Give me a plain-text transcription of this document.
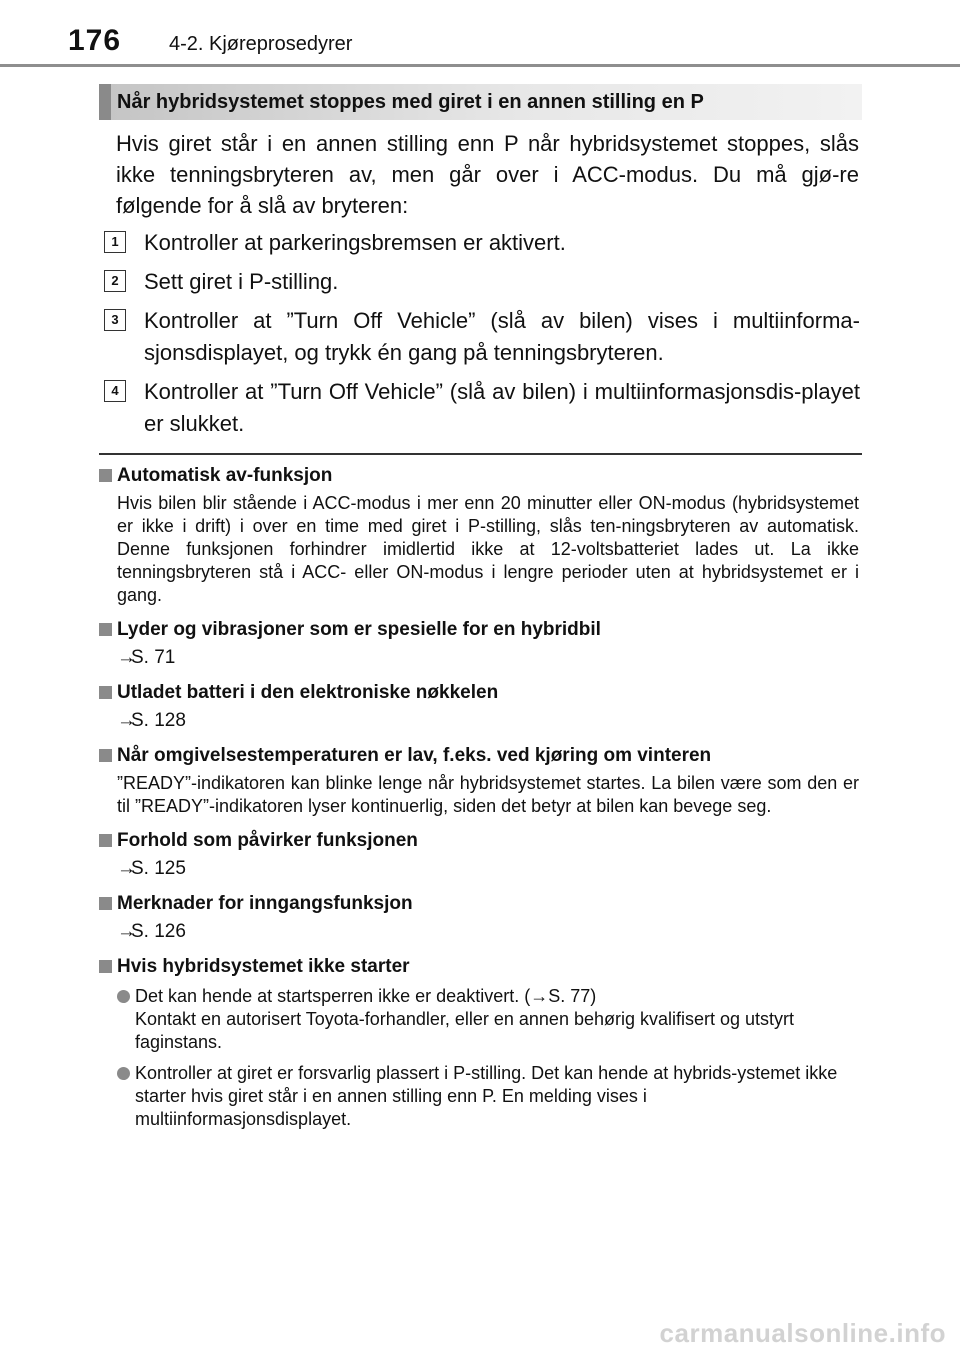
176 4-2. Kjøreprosedyrer
Når hybridsystemet stoppes med giret i en annen stilling en P
Hvis giret står i en annen stilling enn P når hybridsystemet stoppes, slås ikke tenningsbryteren av, men går over i ACC-modus. Du må gjø-re følgende for å slå av bryteren:
1	Kontroller at parkeringsbremsen er aktivert.
2	Sett giret i P-stilling.
3	Kontroller at ”Turn Off Vehicle” (slå av bilen) vises i multiinforma-sjonsdisplayet, og trykk én gang på tenningsbryteren.
4	Kontroller at ”Turn Off Vehicle” (slå av bilen) i multiinformasjonsdis-playet er slukket.
Automatisk av-funksjon
Hvis bilen blir stående i ACC-modus i mer enn 20 minutter eller ON-modus (hybridsystemet er ikke i drift) i over en time med giret i P-stilling, slås ten-ningsbryteren av automatisk. Denne funksjonen forhindrer imidlertid ikke at 12-voltsbatteriet lades ut. La ikke tenningsbryteren stå i ACC- eller ON-modus i lengre perioder uten at hybridsystemet er i gang.
Lyder og vibrasjoner som er spesielle for en hybridbil
→S. 71
Utladet batteri i den elektroniske nøkkelen
→S. 128
Når omgivelsestemperaturen er lav, f.eks. ved kjøring om vinteren
”READY”-indikatoren kan blinke lenge når hybridsystemet startes. La bilen være som den er til ”READY”-indikatoren lyser kontinuerlig, siden det betyr at bilen kan bevege seg.
Forhold som påvirker funksjonen
→S. 125
Merknader for inngangsfunksjon
→S. 126
Hvis hybridsystemet ikke starter
Det kan hende at startsperren ikke er deaktivert. (→S. 77)
Kontakt en autorisert Toyota-forhandler, eller en annen behørig kvalifisert og utstyrt faginstans.
Kontroller at giret er forsvarlig plassert i P-stilling. Det kan hende at hybrids-ystemet ikke starter hvis giret står i en annen stilling enn P. En melding vises i multiinformasjonsdisplayet.
carmanualsonline.info
